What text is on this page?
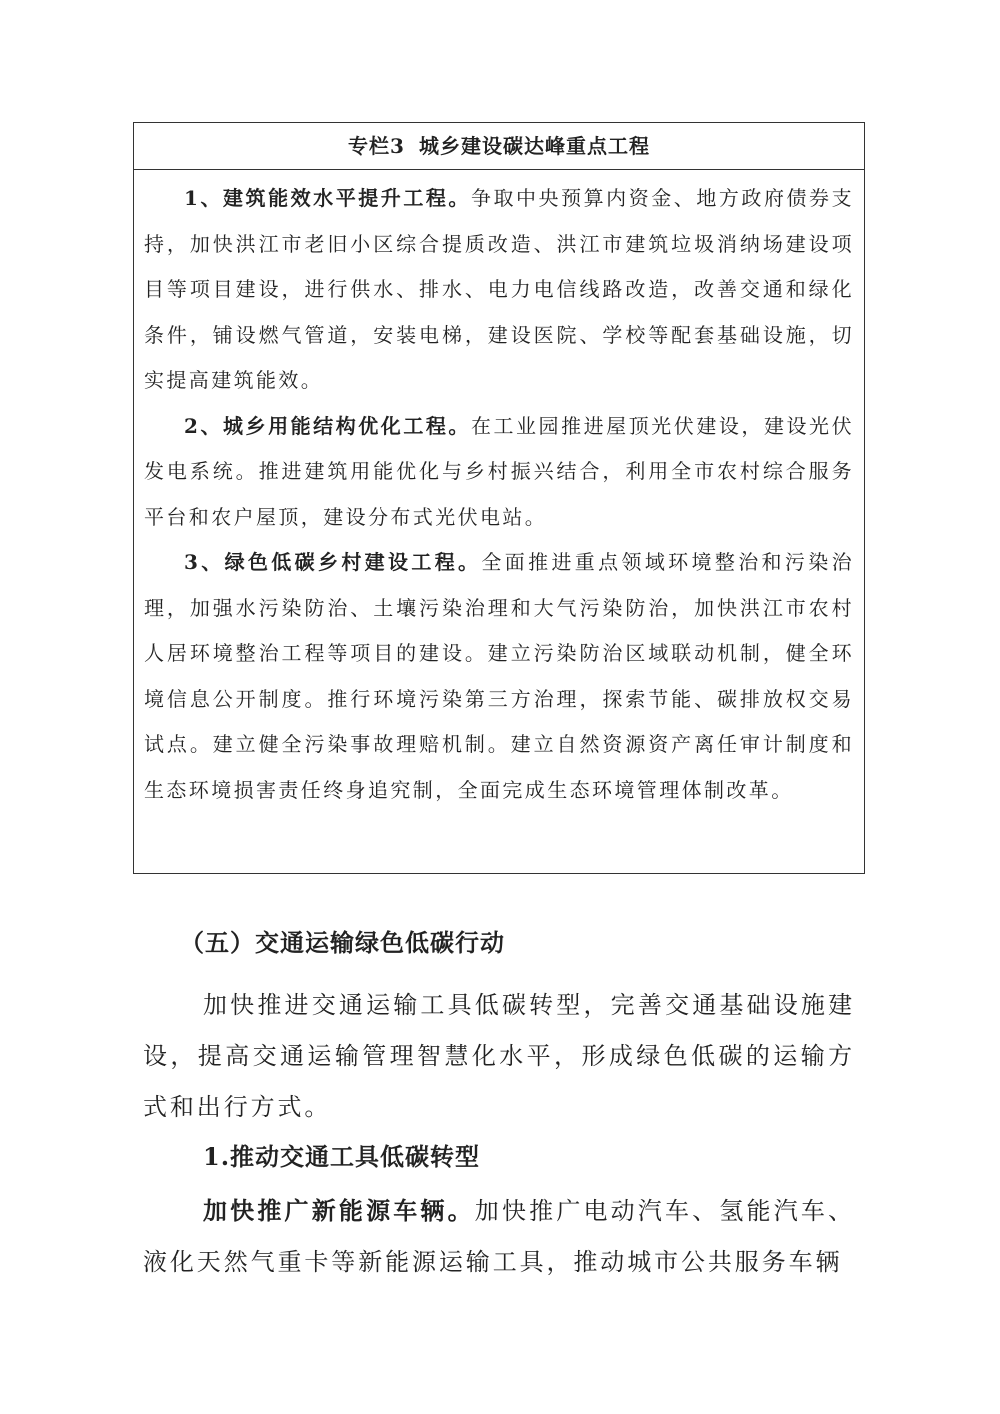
专栏3 城乡建设碳达峰重点工程

1、建筑能效水平提升工程。争取中央预算内资金、地方政府债券支持，加快洪江市老旧小区综合提质改造、洪江市建筑垃圾消纳场建设项目等项目建设，进行供水、排水、电力电信线路改造，改善交通和绿化条件，铺设燃气管道，安装电梯，建设医院、学校等配套基础设施，切实提高建筑能效。

2、城乡用能结构优化工程。在工业园推进屋顶光伏建设，建设光伏发电系统。推进建筑用能优化与乡村振兴结合，利用全市农村综合服务平台和农户屋顶，建设分布式光伏电站。

3、绿色低碳乡村建设工程。全面推进重点领域环境整治和污染治理，加强水污染防治、土壤污染治理和大气污染防治，加快洪江市农村人居环境整治工程等项目的建设。建立污染防治区域联动机制，健全环境信息公开制度。推行环境污染第三方治理，探索节能、碳排放权交易试点。建立健全污染事故理赔机制。建立自然资源资产离任审计制度和生态环境损害责任终身追究制，全面完成生态环境管理体制改革。

（五）交通运输绿色低碳行动

加快推进交通运输工具低碳转型，完善交通基础设施建设，提高交通运输管理智慧化水平，形成绿色低碳的运输方式和出行方式。

1.推动交通工具低碳转型

加快推广新能源车辆。加快推广电动汽车、氢能汽车、液化天然气重卡等新能源运输工具，推动城市公共服务车辆
